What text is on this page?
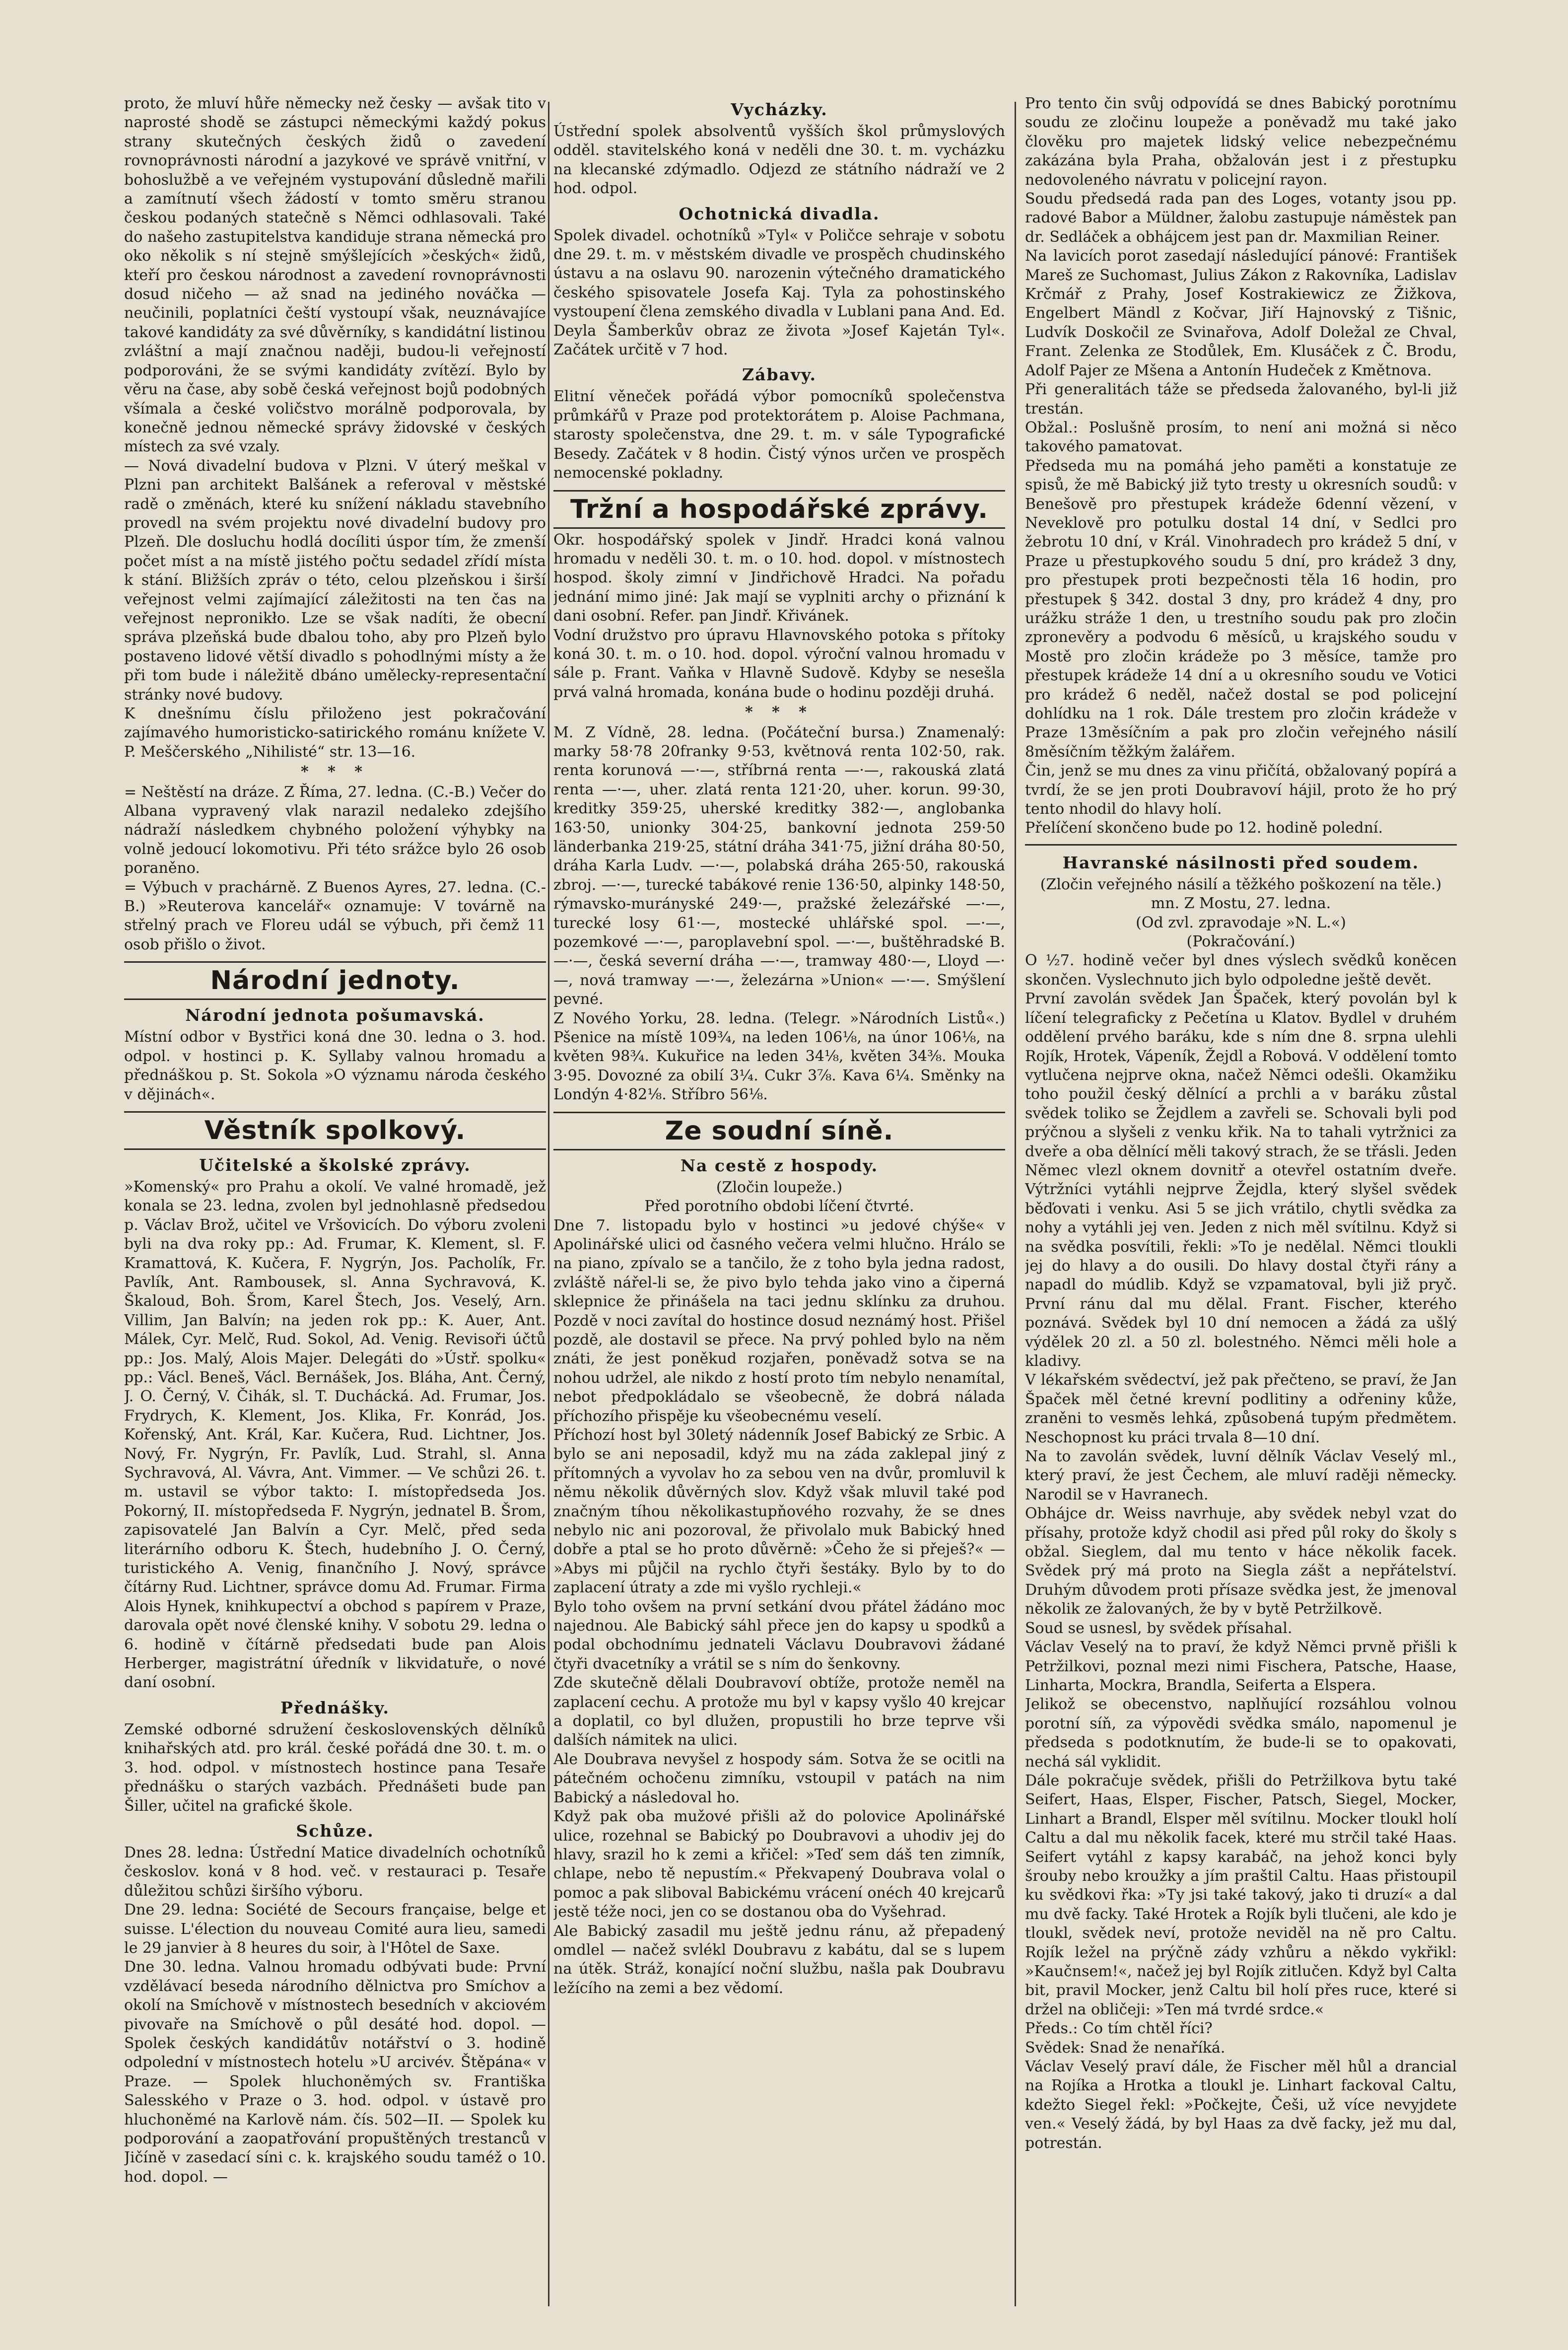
proto, že mluví hůře německy než česky — avšak tito v naprosté shodě se zástupci německými každý pokus strany skutečných českých židů o zavedení rovnoprávnosti národní a jazykové ve správě vnitřní, v bohoslužbě a ve veřejném vystupování důsledně mařili a zamítnutí všech žádostí v tomto směru stranou českou podaných statečně s Němci odhlasovali. Také do našeho zastupitelstva kandiduje strana německá pro oko několik s ní stejně smýšlejících »českých« židů, kteří pro českou národnost a zavedení rovnoprávnosti dosud ničeho — až snad na jediného nováčka — neučinili, poplatníci čeští vystoupí však, neuznávajíce takové kandidáty za své důvěrníky, s kandidátní listinou zvláštní a mají značnou naději, budou-li veřejností podporováni, že se svými kandidáty zvítězí. Bylo by věru na čase, aby sobě česká veřejnost bojů podobných všímala a české voličstvo morálně podporovala, by konečně jednou německé správy židovské v českých místech za své vzaly.
— Nová divadelní budova v Plzni. V úterý meškal v Plzni pan architekt Balšánek a referoval v městské radě o změnách, které ku snížení nákladu stavebního provedl na svém projektu nové divadelní budovy pro Plzeň. Dle dosluchu hodlá docíliti úspor tím, že zmenší počet míst a na místě jistého počtu sedadel zřídí místa k stání. Bližších zpráv o této, celou plzeňskou i širší veřejnost velmi zajímající záležitosti na ten čas na veřejnost nepronikło. Lze se však nadíti, že obecní správa plzeňská bude dbalou toho, aby pro Plzeň bylo postaveno lidové větší divadlo s pohodlnými místy a že při tom bude i náležitě dbáno umělecky-representační stránky nové budovy.
K dnešnímu číslu přiloženo jest pokračování zajímavého humoristicko-satirického románu knížete V. P. Meščerského „Nihilisté“ str. 13—16.
* * *
= Neštěstí na dráze. Z Říma, 27. ledna. (C.-B.) Večer do Albana vypravený vlak narazil nedaleko zdejšího nádraží následkem chybného položení výhybky na volně jedoucí lokomotivu. Při této srážce bylo 26 osob poraněno.
= Výbuch v prachárně. Z Buenos Ayres, 27. ledna. (C.-B.) »Reuterova kancelář« oznamuje: V továrně na střelný prach ve Floreu udál se výbuch, při čemž 11 osob přišlo o život.
Národní jednoty.
Národní jednota pošumavská.
Místní odbor v Bystřici koná dne 30. ledna o 3. hod. odpol. v hostinci p. K. Syllaby valnou hromadu a přednáškou p. St. Sokola »O významu národa českého v dějinách«.
Věstník spolkový.
Učitelské a školské zprávy.
»Komenský« pro Prahu a okolí. Ve valné hromadě, jež konala se 23. ledna, zvolen byl jednohlasně předsedou p. Václav Brož, učitel ve Vršovicích. Do výboru zvoleni byli na dva roky pp.: Ad. Frumar, K. Klement, sl. F. Kramattová, K. Kučera, F. Nygrýn, Jos. Pacholík, Fr. Pavlík, Ant. Rambousek, sl. Anna Sychravová, K. Škaloud, Boh. Šrom, Karel Štech, Jos. Veselý, Arn. Villim, Jan Balvín; na jeden rok pp.: K. Auer, Ant. Málek, Cyr. Melč, Rud. Sokol, Ad. Venig. Revisoři účtů pp.: Jos. Malý, Alois Majer. Delegáti do »Ústř. spolku« pp.: Václ. Beneš, Václ. Bernášek, Jos. Bláha, Ant. Černý, J. O. Černý, V. Čihák, sl. T. Duchácká. Ad. Frumar, Jos. Frydrych, K. Klement, Jos. Klika, Fr. Konrád, Jos. Kořenský, Ant. Král, Kar. Kučera, Rud. Lichtner, Jos. Nový, Fr. Nygrýn, Fr. Pavlík, Lud. Strahl, sl. Anna Sychravová, Al. Vávra, Ant. Vimmer. — Ve schůzi 26. t. m. ustavil se výbor takto: I. místopředseda Jos. Pokorný, II. místopředseda F. Nygrýn, jednatel B. Šrom, zapisovatelé Jan Balvín a Cyr. Melč, před seda literárního odboru K. Štech, hudebního J. O. Černý, turistického A. Venig, finančního J. Nový, správce čítárny Rud. Lichtner, správce domu Ad. Frumar. Firma Alois Hynek, knihkupectví a obchod s papírem v Praze, darovala opět nové členské knihy. V sobotu 29. ledna o 6. hodině v čítárně předsedati bude pan Alois Herberger, magistrátní úředník v likvidatuře, o nové daní osobní.
Přednášky.
Zemské odborné sdružení československých dělníků knihařských atd. pro král. české pořádá dne 30. t. m. o 3. hod. odpol. v místnostech hostince pana Tesaře přednášku o starých vazbách. Přednášeti bude pan Šiller, učitel na grafické škole.
Schůze.
Dnes 28. ledna: Ústřední Matice divadelních ochotníků českoslov. koná v 8 hod. več. v restauraci p. Tesaře důležitou schůzi širšího výboru.
Dne 29. ledna: Société de Secours française, belge et suisse. L'élection du nouveau Comité aura lieu, samedi le 29 janvier à 8 heures du soir, à l'Hôtel de Saxe.
Dne 30. ledna. Valnou hromadu odbývati bude: První vzdělávací beseda národního dělnictva pro Smíchov a okolí na Smíchově v místnostech besedních v akciovém pivovaře na Smíchově o půl desáté hod. dopol. — Spolek českých kandidátův notářství o 3. hodině odpolední v místnostech hotelu »U arcivév. Štěpána« v Praze. — Spolek hluchoněmých sv. Františka Salesského v Praze o 3. hod. odpol. v ústavě pro hluchoněmé na Karlově nám. čís. 502—II. — Spolek ku podporování a zaopatřování propuštěných trestanců v Jičíně v zasedací síni c. k. krajského soudu taméž o 10. hod. dopol. —
Vycházky.
Ústřední spolek absolventů vyšších škol průmyslových odděl. stavitelského koná v neděli dne 30. t. m. vycházku na klecanské zdýmadlo. Odjezd ze státního nádraží ve 2 hod. odpol.
Ochotnická divadla.
Spolek divadel. ochotníků »Tyl« v Poličce sehraje v sobotu dne 29. t. m. v městském divadle ve prospěch chudinského ústavu a na oslavu 90. narozenin výtečného dramatického českého spisovatele Josefa Kaj. Tyla za pohostinského vystoupení člena zemského divadla v Lublani pana And. Ed. Deyla Šamberkův obraz ze života »Josef Kajetán Tyl«. Začátek určitě v 7 hod.
Zábavy.
Elitní věneček pořádá výbor pomocníků společenstva průmkářů v Praze pod protektorátem p. Aloise Pachmana, starosty společenstva, dne 29. t. m. v sále Typografické Besedy. Začátek v 8 hodin. Čistý výnos určen ve prospěch nemocenské pokladny.
Tržní a hospodářské zprávy.
Okr. hospodářský spolek v Jindř. Hradci koná valnou hromadu v neděli 30. t. m. o 10. hod. dopol. v místnostech hospod. školy zimní v Jindřichově Hradci. Na pořadu jednání mimo jiné: Jak mají se vyplniti archy o přiznání k dani osobní. Refer. pan Jindř. Křivánek.
Vodní družstvo pro úpravu Hlavnovského potoka s přítoky koná 30. t. m. o 10. hod. dopol. výroční valnou hromadu v sále p. Frant. Vaňka v Hlavně Sudově. Kdyby se nesešla prvá valná hromada, konána bude o hodinu později druhá.
* * *
M. Z Vídně, 28. ledna. (Počáteční bursa.) Znamenalý: marky 58·78 20franky 9·53, květnová renta 102·50, rak. renta korunová —·—, stříbrná renta —·—, rakouská zlatá renta —·—, uher. zlatá renta 121·20, uher. korun. 99·30, kreditky 359·25, uherské kreditky 382·—, anglobanka 163·50, unionky 304·25, bankovní jednota 259·50 länderbanka 219·25, státní dráha 341·75, jižní dráha 80·50, dráha Karla Ludv. —·—, polabská dráha 265·50, rakouská zbroj. —·—, turecké tabákové renie 136·50, alpinky 148·50, rýmavsko-murányské 249·—, pražské železářské —·—, turecké losy 61·—, mostecké uhlářské spol. —·—, pozemkové —·—, paroplavební spol. —·—, buštěhradské B. —·—, česká severní dráha —·—, tramway 480·—, Lloyd —·—, nová tramway —·—, železárna »Union« —·—. Smýšlení pevné.
Z Nového Yorku, 28. ledna. (Telegr. »Národních Listů«.) Pšenice na místě 109¾, na leden 106⅛, na únor 106⅛, na květen 98¾. Kukuřice na leden 34⅛, květen 34⅜. Mouka 3·95. Dovozné za obilí 3¼. Cukr 3⅞. Kava 6¼. Směnky na Londýn 4·82⅛. Stříbro 56⅛.
Ze soudní síně.
Na cestě z hospody.
(Zločin loupeže.)
Před porotního obdobi líčení čtvrté.
Dne 7. listopadu bylo v hostinci »u jedové chýše« v Apolinářské ulici od časného večera velmi hlučno. Hrálo se na piano, zpívalo se a tančilo, že z toho byla jedna radost, zvláště nářel-li se, že pivo bylo tehda jako vino a čiperná sklepnice že přinášela na taci jednu sklínku za druhou. Pozdě v noci zavítal do hostince dosud neznámý host. Přišel pozdě, ale dostavil se přece. Na prvý pohled bylo na něm znáti, že jest poněkud rozjařen, poněvadž sotva se na nohou udržel, ale nikdo z hostí proto tím nebylo nenamítal, nebot předpokládalo se všeobecně, že dobrá nálada příchozího přispěje ku všeobecnému veselí.
Příchozí host byl 30letý nádenník Josef Babický ze Srbic. A bylo se ani neposadil, když mu na záda zaklepal jiný z přítomných a vyvolav ho za sebou ven na dvůr, promluvil k němu několik důvěrných slov. Když však mluvil také pod značným tíhou několikastupňového rozvahy, že se dnes nebylo nic ani pozoroval, že přivolalo muk Babický hned dobře a ptal se ho proto důvěrně: »Čeho že si přeješ?« — »Abys mi půjčil na rychlo čtyři šestáky. Bylo by to do zaplacení útraty a zde mi vyšlo rychleji.«
Bylo toho ovšem na první setkání dvou přátel žádáno moc najednou. Ale Babický sáhl přece jen do kapsy u spodků a podal obchodnímu jednateli Václavu Doubravovi žádané čtyři dvacetníky a vrátil se s ním do šenkovny.
Zde skutečně dělali Doubravoví obtíže, protože neměl na zaplacení cechu. A protože mu byl v kapsy vyšlo 40 krejcar a doplatil, co byl dlužen, propustili ho brze teprve vši dalších námitek na ulici.
Ale Doubrava nevyšel z hospody sám. Sotva že se ocitli na pátečném ochočenu zimníku, vstoupil v patách na nim Babický a následoval ho.
Když pak oba mužové přišli až do polovice Apolinářské ulice, rozehnal se Babický po Doubravovi a uhodiv jej do hlavy, srazil ho k zemi a křičel: »Teď sem dáš ten zimník, chlape, nebo tě nepustím.« Překvapený Doubrava volal o pomoc a pak sliboval Babickému vrácení onéch 40 krejcarů jestě téže noci, jen co se dostanou oba do Vyšehrad.
Ale Babický zasadil mu ještě jednu ránu, až přepadený omdlel — načež svlékl Doubravu z kabátu, dal se s lupem na útěk. Stráž, konající noční službu, našla pak Doubravu ležícího na zemi a bez vědomí.
Pro tento čin svůj odpovídá se dnes Babický porotnímu soudu ze zločinu loupeže a poněvadž mu také jako člověku pro majetek lidský velice nebezpečnému zakázána byla Praha, obžalován jest i z přestupku nedovoleného návratu v policejní rayon.
Soudu předsedá rada pan des Loges, votanty jsou pp. radové Babor a Müldner, žalobu zastupuje náměstek pan dr. Sedláček a obhájcem jest pan dr. Maxmilian Reiner.
Na lavicích porot zasedají následující pánové: František Mareš ze Suchomast, Julius Zákon z Rakovníka, Ladislav Krčmář z Prahy, Josef Kostrakiewicz ze Žižkova, Engelbert Mändl z Kočvar, Jiří Hajnovský z Tišnic, Ludvík Doskočil ze Svinařova, Adolf Doležal ze Chval, Frant. Zelenka ze Stodůlek, Em. Klusáček z Č. Brodu, Adolf Pajer ze Mšena a Antonín Hudeček z Kmětnova.
Při generalitách táže se předseda žalovaného, byl-li již trestán.
Obžal.: Poslušně prosím, to není ani možná si něco takového pamatovat.
Předseda mu na pomáhá jeho paměti a konstatuje ze spisů, že mě Babický již tyto tresty u okresních soudů: v Benešově pro přestupek krádeže 6denní vězení, v Neveklově pro potulku dostal 14 dní, v Sedlci pro žebrotu 10 dní, v Král. Vinohradech pro krádež 5 dní, v Praze u přestupkového soudu 5 dní, pro krádež 3 dny, pro přestupek proti bezpečnosti těla 16 hodin, pro přestupek § 342. dostal 3 dny, pro krádež 4 dny, pro urážku stráže 1 den, u trestního soudu pak pro zločin zpronevěry a podvodu 6 měsíců, u krajského soudu v Mostě pro zločin krádeže po 3 měsíce, tamže pro přestupek krádeže 14 dní a u okresního soudu ve Votici pro krádež 6 neděl, načež dostal se pod policejní dohlídku na 1 rok. Dále trestem pro zločin krádeže v Praze 13měsíčním a pak pro zločin veřejného násilí 8měsíčním těžkým žalářem.
Čin, jenž se mu dnes za vinu přičítá, obžalovaný popírá a tvrdí, že se jen proti Doubravoví hájil, proto že ho prý tento nhodil do hlavy holí.
Přelíčení skončeno bude po 12. hodině polední.
Havranské násilnosti před soudem.
(Zločin veřejného násilí a těžkého poškození na těle.)
mn. Z Mostu, 27. ledna.
(Od zvl. zpravodaje »N. L.«)
(Pokračování.)
O ½7. hodině večer byl dnes výslech svědků koněcen skončen. Vyslechnuto jich bylo odpoledne ještě devět.
První zavolán svědek Jan Špaček, který povolán byl k líčení telegraficky z Pečetína u Klatov. Bydlel v druhém oddělení prvého baráku, kde s ním dne 8. srpna ulehli Rojík, Hrotek, Vápeník, Žejdl a Robová. V oddělení tomto vytlučena nejprve okna, načež Němci odešli. Okamžiku toho použil český dělnící a prchli a v baráku zůstal svědek toliko se Žejdlem a zavřeli se. Schovali byli pod prýčnou a slyšeli z venku křik. Na to tahali vytržnici za dveře a oba dělnící měli takový strach, že se třásli. Jeden Němec vlezl oknem dovnitř a otevřel ostatním dveře. Výtržníci vytáhli nejprve Žejdla, který slyšel svědek běďovati i venku. Asi 5 se jich vrátilo, chytli svědka za nohy a vytáhli jej ven. Jeden z nich měl svítilnu. Když si na svědka posvítili, řekli: »To je nedělal. Němci tloukli jej do hlavy a do ousili. Do hlavy dostal čtyři rány a napadl do múdlib. Když se vzpamatoval, byli již pryč. První ránu dal mu dělal. Frant. Fischer, kterého poznává. Svědek byl 10 dní nemocen a žádá za ušlý výdělek 20 zl. a 50 zl. bolestného. Němci měli hole a kladivy.
V lékařském svědectví, jež pak přečteno, se praví, že Jan Špaček měl četné krevní podlitiny a odřeniny kůže, zraněni to vesměs lehká, způsobená tupým předmětem. Neschopnost ku práci trvala 8—10 dní.
Na to zavolán svědek, luvní dělník Václav Veselý ml., který praví, že jest Čechem, ale mluví raději německy. Narodil se v Havranech.
Obhájce dr. Weiss navrhuje, aby svědek nebyl vzat do přísahy, protože když chodil asi před půl roky do školy s obžal. Sieglem, dal mu tento v háce několik facek. Svědek prý má proto na Siegla zášt a nepřátelství. Druhým důvodem proti přísaze svědka jest, že jmenoval několik ze žalovaných, že by v bytě Petržilkově.
Soud se usnesl, by svědek přísahal.
Václav Veselý na to praví, že když Němci prvně přišli k Petržilkovi, poznal mezi nimi Fischera, Patsche, Haase, Linharta, Mockra, Brandla, Seiferta a Elspera.
Jelikož se obecenstvo, naplňující rozsáhlou volnou porotní síň, za výpovědi svědka smálo, napomenul je předseda s podotknutím, že bude-li se to opakovati, nechá sál vyklidit.
Dále pokračuje svědek, přišli do Petržilkova bytu také Seifert, Haas, Elsper, Fischer, Patsch, Siegel, Mocker, Linhart a Brandl, Elsper měl svítilnu. Mocker tloukl holí Caltu a dal mu několik facek, které mu strčil také Haas. Seifert vytáhl z kapsy karabáč, na jehož konci byly šrouby nebo kroužky a jím praštil Caltu. Haas přistoupil ku svědkovi řka: »Ty jsi také takový, jako ti druzí« a dal mu dvě facky. Také Hrotek a Rojík byli tlučeni, ale kdo je tloukl, svědek neví, protože neviděl na ně pro Caltu. Rojík ležel na prýčně zády vzhůru a někdo vykřikl: »Kaučnsem!«, načež jej byl Rojík zitlučen. Když byl Calta bit, pravil Mocker, jenž Caltu bil holí přes ruce, které si držel na obličeji: »Ten má tvrdé srdce.«
Předs.: Co tím chtěl říci?
Svědek: Snad že nenaříká.
Václav Veselý praví dále, že Fischer měl hůl a drancial na Rojíka a Hrotka a tloukl je. Linhart fackoval Caltu, kdežto Siegel řekl: »Počkejte, Češi, už více nevyjdete ven.« Veselý žádá, by byl Haas za dvě facky, jež mu dal, potrestán.
